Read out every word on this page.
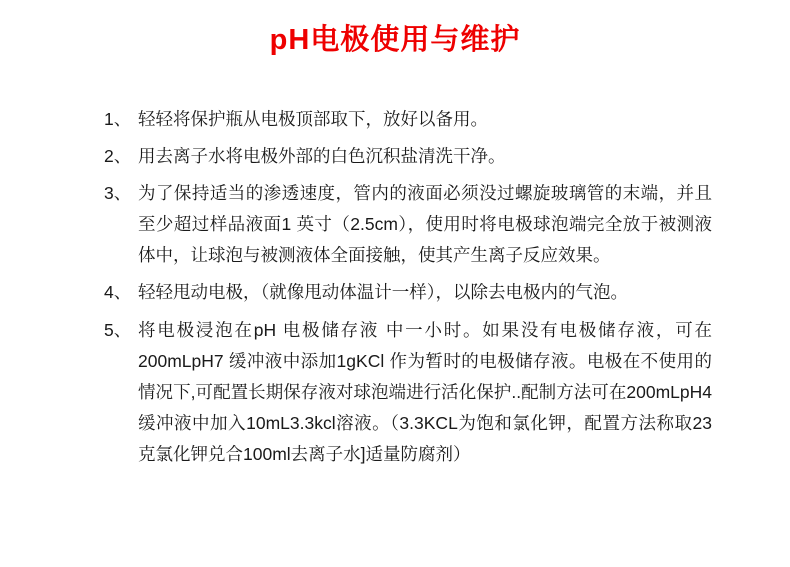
pH电极使用与维护
1、 轻轻将保护瓶从电极顶部取下，放好以备用。
2、 用去离子水将电极外部的白色沉积盐清洗干净。
3、 为了保持适当的渗透速度，管内的液面必须没过螺旋玻璃管的末端，并且至少超过样品液面1 英寸（2.5cm），使用时将电极球泡端完全放于被测液体中，让球泡与被测液体全面接触，使其产生离子反应效果。
4、 轻轻甩动电极，（就像甩动体温计一样），以除去电极内的气泡。
5、 将电极浸泡在pH 电极储存液 中一小时。如果没有电极储存液，可在200mLpH7 缓冲液中添加1gKCl 作为暂时的电极储存液。电极在不使用的情况下,可配置长期保存液对球泡端进行活化保护..配制方法可在200mLpH4缓冲液中加入10mL3.3kcl溶液。（3.3KCL为饱和氯化钾，配置方法称取23克氯化钾兑合100ml去离子水]适量防腐剂）
